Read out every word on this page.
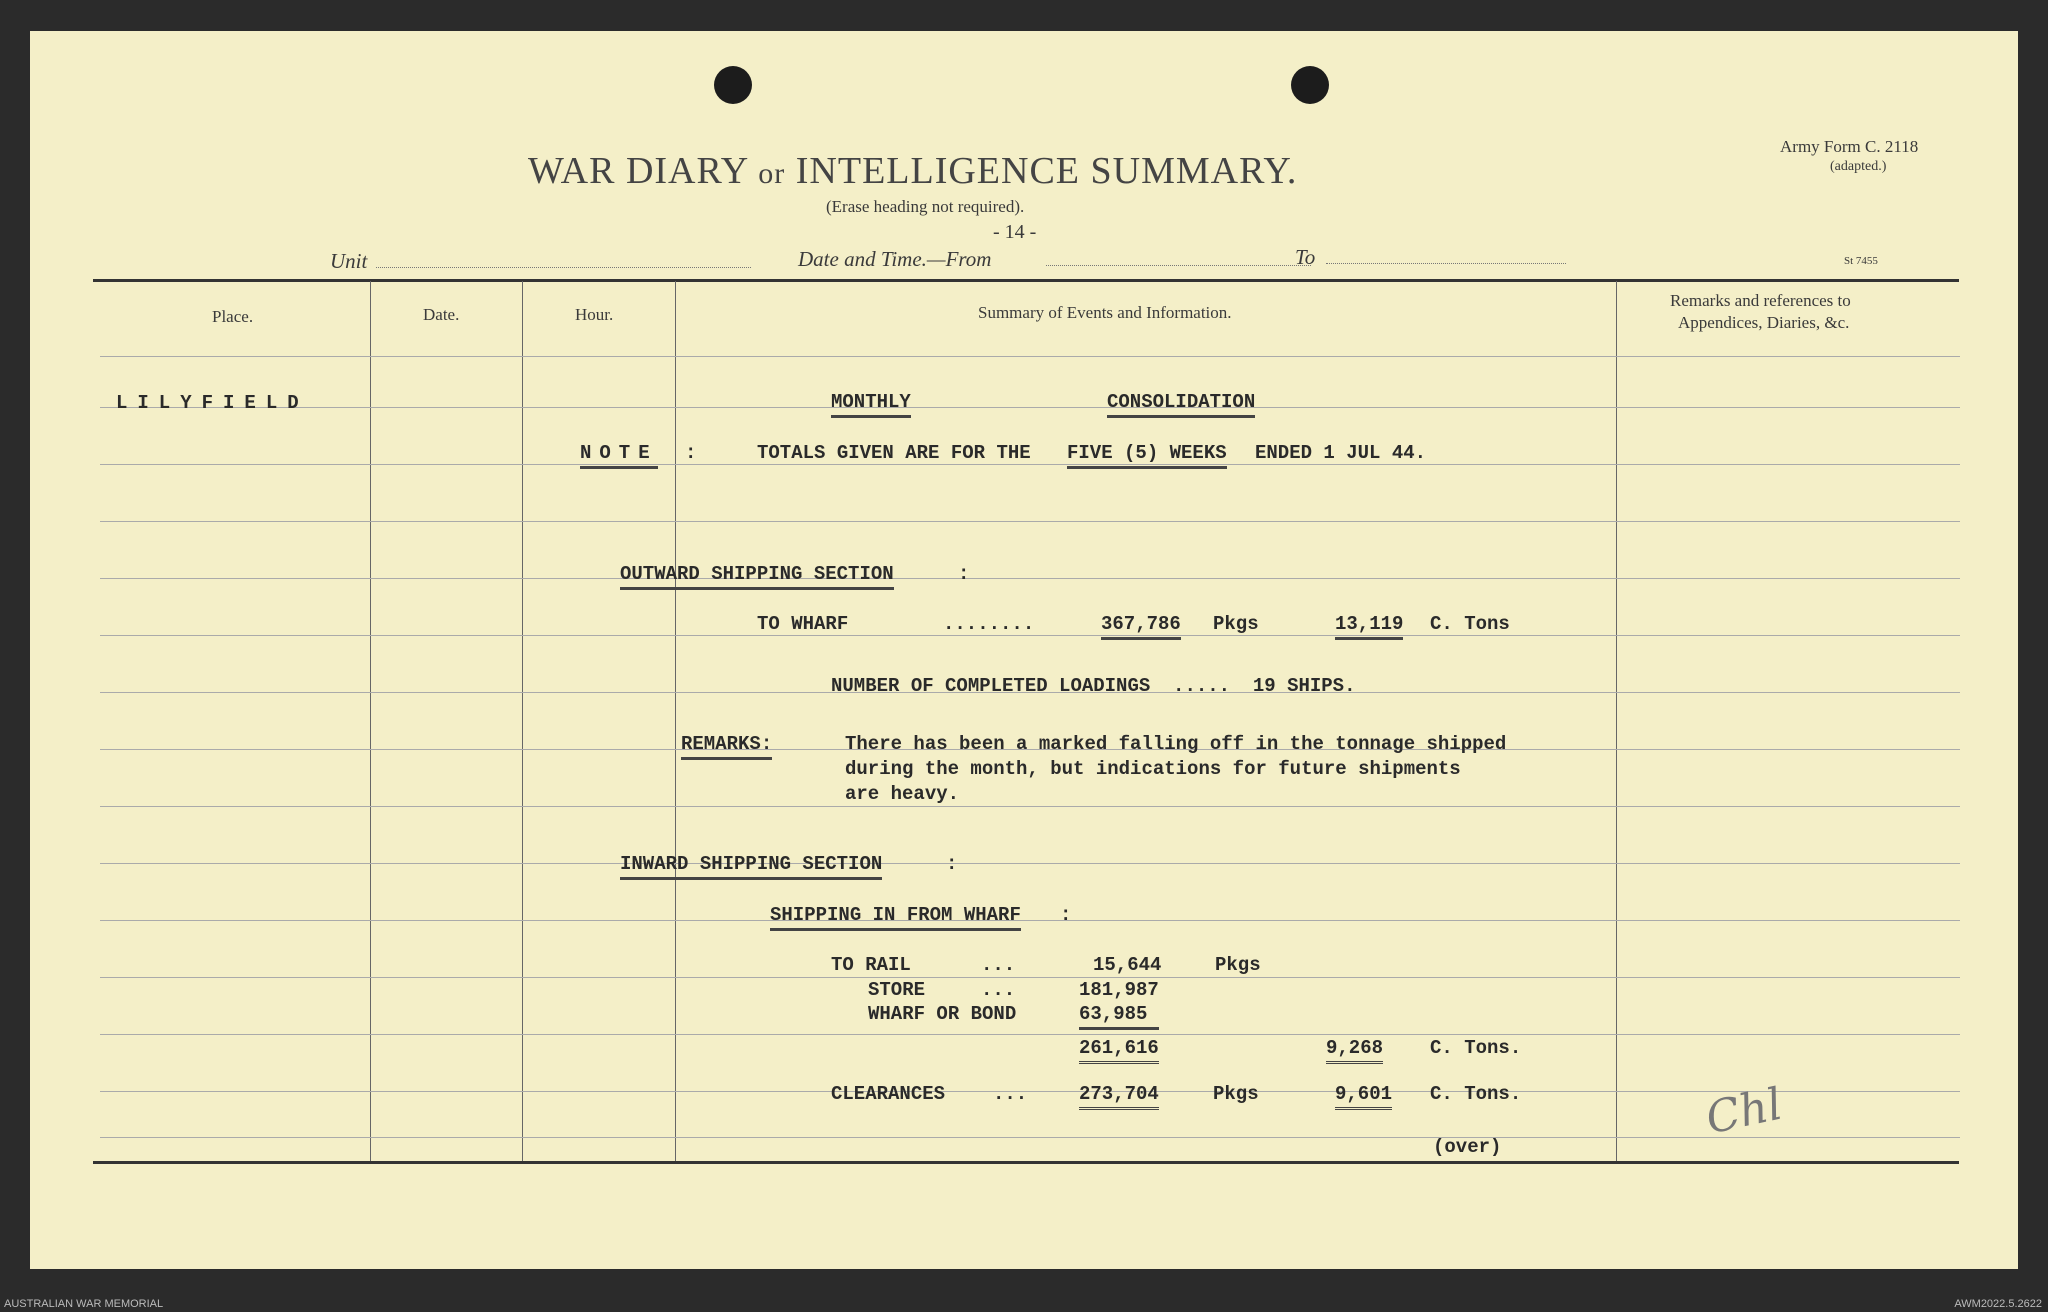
WAR DIARY or INTELLIGENCE SUMMARY.
(Erase heading not required).
- 14 -
Army Form C. 2118
(adapted.)
Unit	Date and Time.—From	To	St 7455
Place.	Date.	Hour.	Summary of Events and Information.
Remarks and references to
Appendices, Diaries, &c.
LILYFIELD	MONTHLY	CONSOLIDATION
NOTE :	TOTALS GIVEN ARE FOR THE FIVE (5) WEEKS ENDED 1 JUL 44.
OUTWARD SHIPPING SECTION	:
TO WHARF	........	367,786 Pkgs	13,119 C. Tons
NUMBER OF COMPLETED LOADINGS  .....  19 SHIPS.
REMARKS:	There has been a marked falling off in the tonnage shipped
during the month, but indications for future shipments
are heavy.
INWARD SHIPPING SECTION	:
SHIPPING IN FROM WHARF :
TO RAIL	...	15,644	Pkgs
STORE	...	181,987
WHARF OR BOND	63,985
261,616	9,268 C. Tons.
CLEARANCES	...	273,704	Pkgs	9,601 C. Tons.
(over)
Chl
AUSTRALIAN WAR MEMORIAL	AWM2022.5.2622
